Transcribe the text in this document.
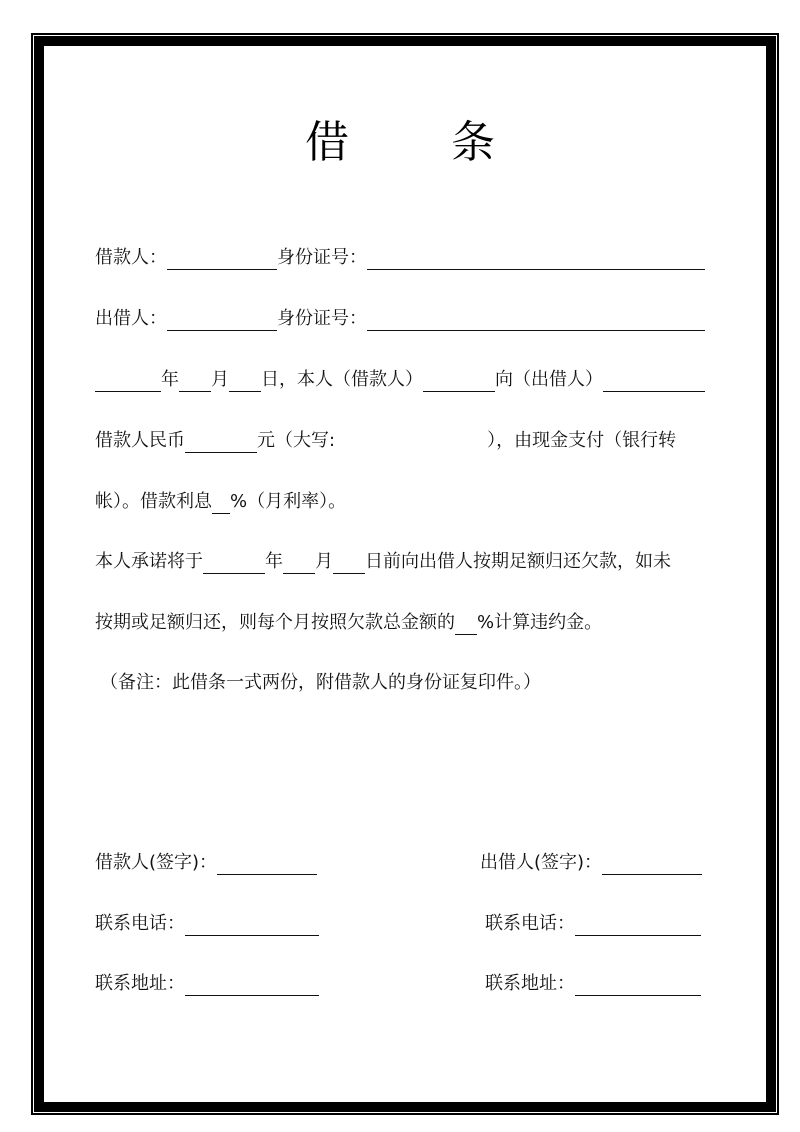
借 条
借款人：	身份证号：
出借人：	身份证号：
年 月 日，本人（借款人）	向（出借人）
借款人民币	元（大写:	），由现金支付（银行转
帐）。借款利息 %（月利率）。
本人承诺将于	年 月 日前向出借人按期足额归还欠款，如未
按期或足额归还，则每个月按照欠款总金额的 %计算违约金。
（备注：此借条一式两份，附借款人的身份证复印件。）
借款人(签字)：	出借人(签字)：
联系电话：	联系电话：
联系地址：	联系地址：
